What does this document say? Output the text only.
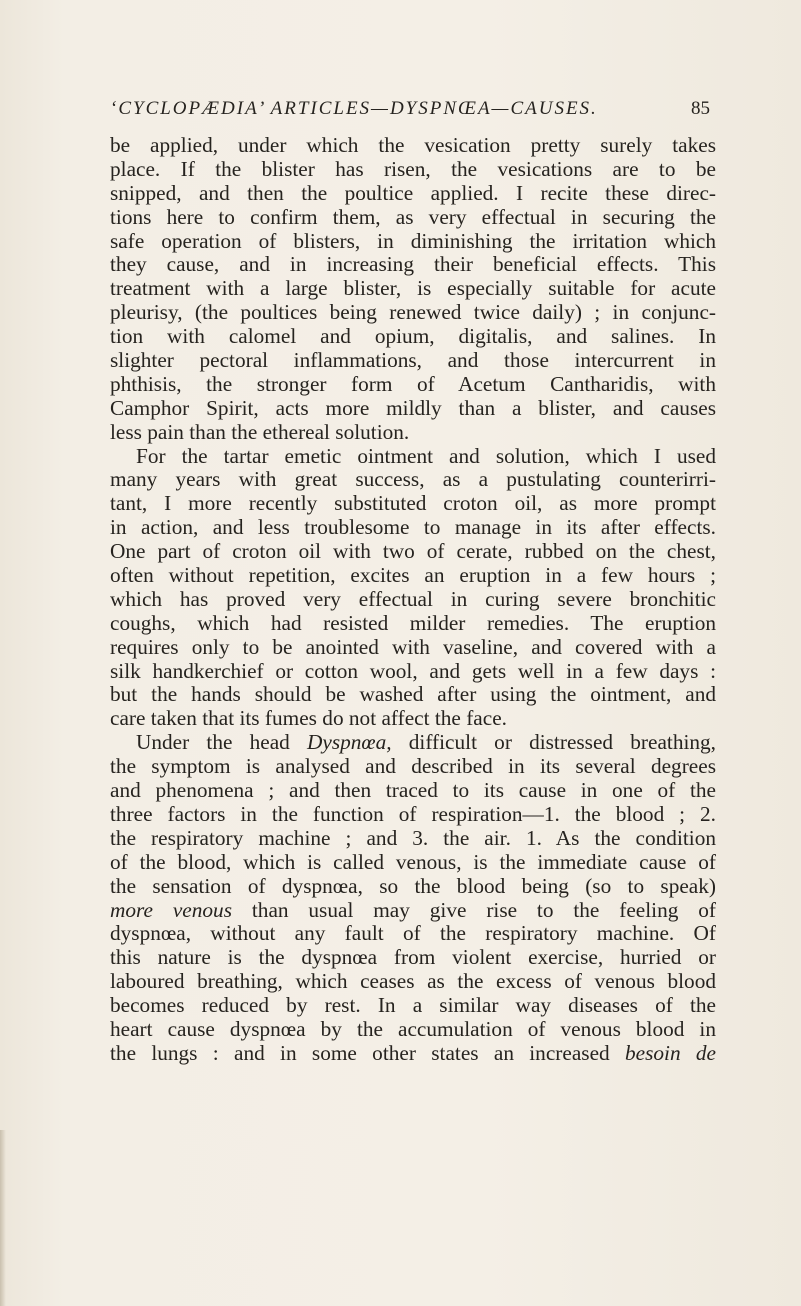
‘CYCLOPÆDIA’ ARTICLES—DYSPNŒA—CAUSES.	85
be applied, under which the vesication pretty surely takes
place. If the blister has risen, the vesications are to be
snipped, and then the poultice applied. I recite these direc-
tions here to confirm them, as very effectual in securing the
safe operation of blisters, in diminishing the irritation which
they cause, and in increasing their beneficial effects. This
treatment with a large blister, is especially suitable for acute
pleurisy, (the poultices being renewed twice daily) ; in conjunc-
tion with calomel and opium, digitalis, and salines. In
slighter pectoral inflammations, and those intercurrent in
phthisis, the stronger form of Acetum Cantharidis, with
Camphor Spirit, acts more mildly than a blister, and causes
less pain than the ethereal solution.
For the tartar emetic ointment and solution, which I used
many years with great success, as a pustulating counterirri-
tant, I more recently substituted croton oil, as more prompt
in action, and less troublesome to manage in its after effects.
One part of croton oil with two of cerate, rubbed on the chest,
often without repetition, excites an eruption in a few hours ;
which has proved very effectual in curing severe bronchitic
coughs, which had resisted milder remedies. The eruption
requires only to be anointed with vaseline, and covered with a
silk handkerchief or cotton wool, and gets well in a few days :
but the hands should be washed after using the ointment, and
care taken that its fumes do not affect the face.
Under the head Dyspnœa, difficult or distressed breathing,
the symptom is analysed and described in its several degrees
and phenomena ; and then traced to its cause in one of the
three factors in the function of respiration—1. the blood ; 2.
the respiratory machine ; and 3. the air. 1. As the condition
of the blood, which is called venous, is the immediate cause of
the sensation of dyspnœa, so the blood being (so to speak)
more venous than usual may give rise to the feeling of
dyspnœa, without any fault of the respiratory machine. Of
this nature is the dyspnœa from violent exercise, hurried or
laboured breathing, which ceases as the excess of venous blood
becomes reduced by rest. In a similar way diseases of the
heart cause dyspnœa by the accumulation of venous blood in
the lungs : and in some other states an increased besoin de
